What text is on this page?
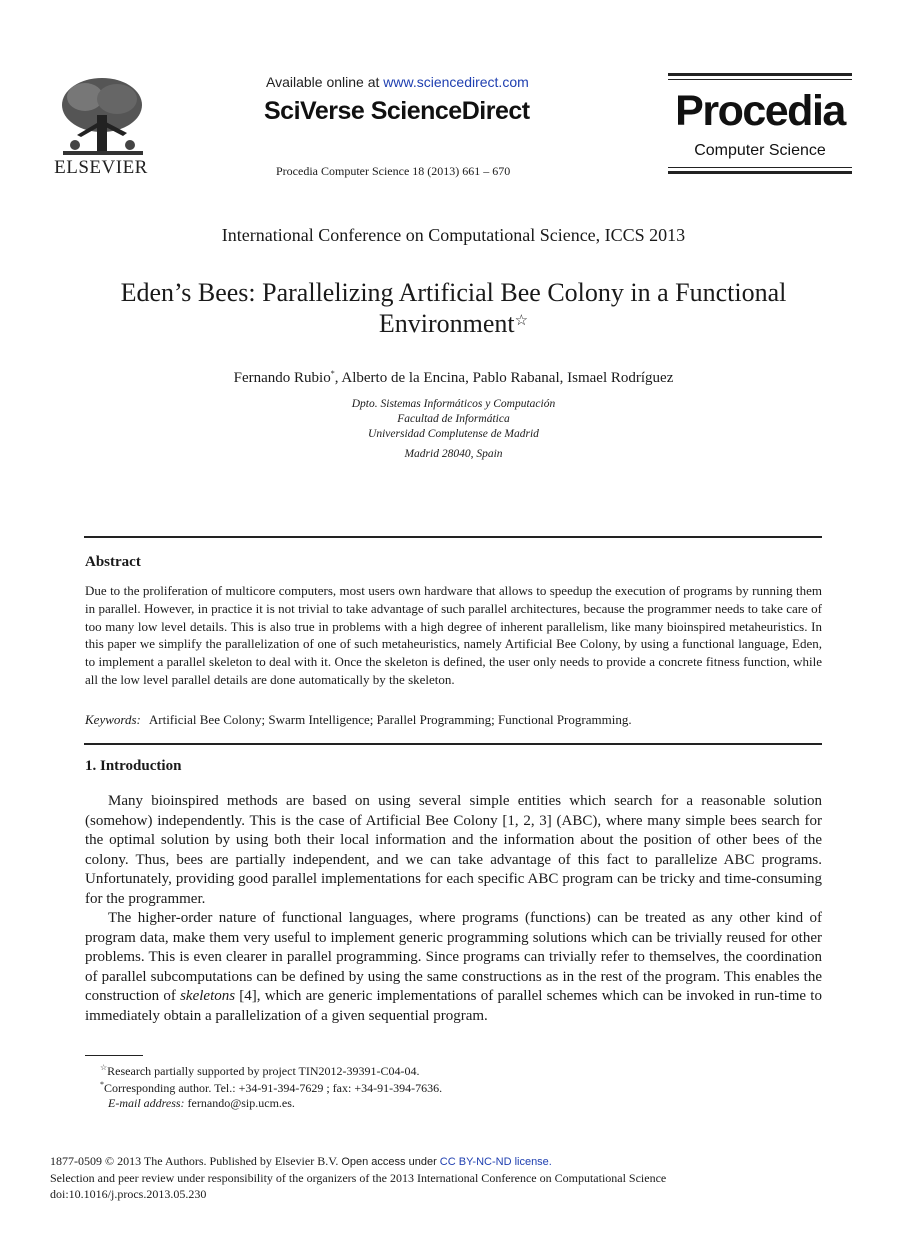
ELSEVIER
Available online at www.sciencedirect.com
SciVerse ScienceDirect
Procedia Computer Science 18 (2013) 661 – 670
Procedia
Computer Science
International Conference on Computational Science, ICCS 2013
Eden’s Bees: Parallelizing Artificial Bee Colony in a Functional
Environment☆
Fernando Rubio*, Alberto de la Encina, Pablo Rabanal, Ismael Rodríguez
Dpto. Sistemas Informáticos y Computación
Facultad de Informática
Universidad Complutense de Madrid
Madrid 28040, Spain
Abstract
Due to the proliferation of multicore computers, most users own hardware that allows to speedup the execution of programs by running them in parallel. However, in practice it is not trivial to take advantage of such parallel architectures, because the programmer needs to take care of too many low level details. This is also true in problems with a high degree of inherent parallelism, like many bioinspired metaheuristics. In this paper we simplify the parallelization of one of such metaheuristics, namely Artificial Bee Colony, by using a functional language, Eden, to implement a parallel skeleton to deal with it. Once the skeleton is defined, the user only needs to provide a concrete fitness function, while all the low level parallel details are done automatically by the skeleton.
Keywords: Artificial Bee Colony; Swarm Intelligence; Parallel Programming; Functional Programming.
1. Introduction
Many bioinspired methods are based on using several simple entities which search for a reasonable solution (somehow) independently. This is the case of Artificial Bee Colony [1, 2, 3] (ABC), where many simple bees search for the optimal solution by using both their local information and the information about the position of other bees of the colony. Thus, bees are partially independent, and we can take advantage of this fact to parallelize ABC programs. Unfortunately, providing good parallel implementations for each specific ABC program can be tricky and time-consuming for the programmer.
The higher-order nature of functional languages, where programs (functions) can be treated as any other kind of program data, make them very useful to implement generic programming solutions which can be trivially reused for other problems. This is even clearer in parallel programming. Since programs can trivially refer to themselves, the coordination of parallel subcomputations can be defined by using the same constructions as in the rest of the program. This enables the construction of skeletons [4], which are generic implementations of parallel schemes which can be invoked in run-time to immediately obtain a parallelization of a given sequential program.
☆Research partially supported by project TIN2012-39391-C04-04.
*Corresponding author. Tel.: +34-91-394-7629 ; fax: +34-91-394-7636.
E-mail address: fernando@sip.ucm.es.
1877-0509 © 2013 The Authors. Published by Elsevier B.V. Open access under CC BY-NC-ND license.
Selection and peer review under responsibility of the organizers of the 2013 International Conference on Computational Science
doi:10.1016/j.procs.2013.05.230
